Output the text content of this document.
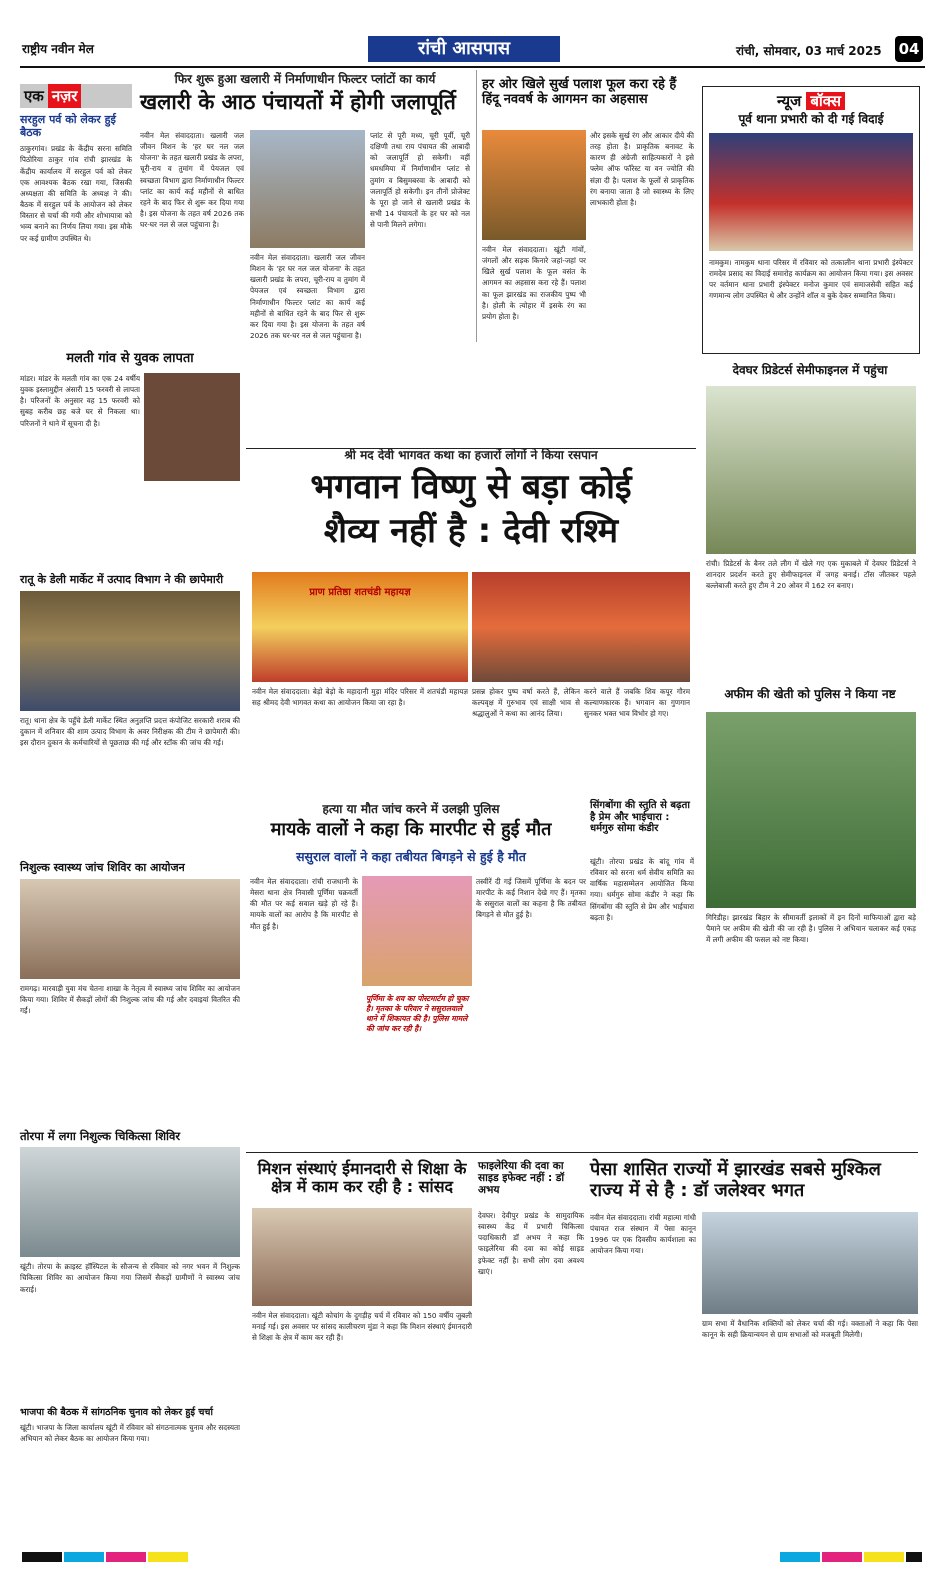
राष्ट्रीय नवीन मेल	रांची आसपास	रांची, सोमवार, 03 मार्च 2025 04
एक नज़र
सरहुल पर्व को लेकर हुई बैठक
ठाकुरगांव। प्रखंड के केंद्रीय सरना समिति पिठोरिया ठाकुर गांव रांची झारखंड के केंद्रीय कार्यालय में सरहुल पर्व को लेकर एक आवश्यक बैठक रखा गया, जिसकी अध्यक्षता की समिति के अध्यक्ष ने की। बैठक में सरहुल पर्व के आयोजन को लेकर विस्तार से चर्चा की गयी और शोभायात्रा को भव्य बनाने का निर्णय लिया गया। इस मौके पर कई ग्रामीण उपस्थित थे।
मलती गांव से युवक लापता
मांडर। मांडर के मलती गांव का एक 24 वर्षीय युवक इस्लामुद्दीन अंसारी 15 फरवरी से लापता है। परिजनों के अनुसार वह 15 फरवरी को सुबह करीब छह बजे घर से निकला था। परिजनों ने थाने में सूचना दी है।
रातू के डेली मार्केट में उत्पाद विभाग ने की छापेमारी
रातू। थाना क्षेत्र के पहुँचे डेली मार्केट स्थित अनुज्ञप्ति प्रदत्त कंपोजिट सरकारी शराब की दुकान में शनिवार की शाम उत्पाद विभाग के अवर निरीक्षक की टीम ने छापेमारी की। इस दौरान दुकान के कर्मचारियों से पूछताछ की गई और स्टॉक की जांच की गई।
निशुल्क स्वास्थ्य जांच शिविर का आयोजन
रामगढ़। मारवाड़ी युवा मंच चेतना शाखा के नेतृत्व में स्वास्थ्य जांच शिविर का आयोजन किया गया। शिविर में सैकड़ों लोगों की निशुल्क जांच की गई और दवाइयां वितरित की गईं।
तोरपा में लगा निशुल्क चिकित्सा शिविर
खूंटी। तोरपा के क्राइस्ट हॉस्पिटल के सौजन्य से रविवार को नगर भवन में निशुल्क चिकित्सा शिविर का आयोजन किया गया जिसमें सैकड़ों ग्रामीणों ने स्वास्थ्य जांच कराई।
भाजपा की बैठक में सांगठनिक चुनाव को लेकर हुई चर्चा
खूंटी। भाजपा के जिला कार्यालय खूंटी में रविवार को संगठनात्मक चुनाव और सदस्यता अभियान को लेकर बैठक का आयोजन किया गया।
फिर शुरू हुआ खलारी में निर्माणाधीन फिल्टर प्लांटों का कार्य
खलारी के आठ पंचायतों में होगी जलापूर्ति
नवीन मेल संवाददाता। खलारी जल जीवन मिशन के 'हर घर नल जल योजना' के तहत खलारी प्रखंड के लपरा, चूरी-राय व तुमांग में पेयजल एवं स्वच्छता विभाग द्वारा निर्माणाधीन फिल्टर प्लांट का कार्य कई महीनों से बाधित रहने के बाद फिर से शुरू कर दिया गया है। इस योजना के तहत वर्ष 2026 तक घर-घर नल से जल पहुंचाना है।
नवीन मेल संवाददाता। खलारी जल जीवन मिशन के 'हर घर नल जल योजना' के तहत खलारी प्रखंड के लपरा, चूरी-राय व तुमांग में पेयजल एवं स्वच्छता विभाग द्वारा निर्माणाधीन फिल्टर प्लांट का कार्य कई महीनों से बाधित रहने के बाद फिर से शुरू कर दिया गया है। इस योजना के तहत वर्ष 2026 तक घर-घर नल से जल पहुंचाना है।
प्लांट से पूरी मध्य, चूरी पूर्वी, चूरी दक्षिणी तथा राय पंचायत की आबादी को जलापूर्ति हो सकेगी। वहीं धमधमिया में निर्माणाधीन प्लांट से तुमांग व बिसुमबरवा के आबादी को जलापूर्ति हो सकेगी। इन तीनों प्रोजेक्ट के पूरा हो जाने से खलारी प्रखंड के सभी 14 पंचायतों के हर घर को नल से पानी मिलने लगेगा।
हर ओर खिले सुर्ख पलाश फूल करा रहे हैं हिंदू नववर्ष के आगमन का अहसास
नवीन मेल संवाददाता। खूंटी गांवों, जंगलों और सड़क किनारे जहां-जहां पर खिले सुर्ख पलाश के फूल वसंत के आगमन का अहसास करा रहे हैं। पलाश का फूल झारखंड का राजकीय पुष्प भी है। होली के त्योहार में इसके रंग का प्रयोग होता है।
और इसके सुर्ख रंग और आकार दीये की तरह होता है। प्राकृतिक बनावट के कारण ही अंग्रेजी साहित्यकारों ने इसे फ्लेम ऑफ फॉरेस्ट या वन ज्योति की संज्ञा दी है। पलाश के फूलों से प्राकृतिक रंग बनाया जाता है जो स्वास्थ्य के लिए लाभकारी होता है।
न्यूज बॉक्स
पूर्व थाना प्रभारी को दी गई विदाई
नामकुम। नामकुम थाना परिसर में रविवार को तत्कालीन थाना प्रभारी इंस्पेक्टर रामदेव प्रसाद का विदाई समारोह कार्यक्रम का आयोजन किया गया। इस अवसर पर वर्तमान थाना प्रभारी इंस्पेक्टर मनोज कुमार एवं समाजसेवी सहित कई गणमान्य लोग उपस्थित थे और उन्होंने शॉल व बुके देकर सम्मानित किया।
श्री मद देवी भागवत कथा का हजारों लोगों ने किया रसपान
भगवान विष्णु से बड़ा कोई
शैव्य नहीं है : देवी रश्मि
प्राण प्रतिष्ठा शतचंडी महायज्ञ
नवीन मेल संवाददाता। बेड़ो बेड़ो के महादानी मुड़ा मंदिर परिसर में शतचंडी महायज्ञ सह श्रीमद देवी भागवत कथा का आयोजन किया जा रहा है।
प्रसन्न होकर पुष्प वर्षा करते हैं, लेकिन कल्पवृक्ष में गुरुभाव एवं साक्षी भाव से श्रद्धालुओं ने कथा का आनंद लिया।
करने वाले हैं जबकि शिव कपूर गौरम कल्याणकारक हैं। भगवान का गुणगान सुनकर भक्त भाव विभोर हो गए।
हत्या या मौत जांच करने में उलझी पुलिस
मायके वालों ने कहा कि मारपीट से हुई मौत
ससुराल वालों ने कहा तबीयत बिगड़ने से हुई है मौत
नवीन मेल संवाददाता। रांची राजधानी के मेसरा थाना क्षेत्र निवासी पूर्णिमा चक्रवर्ती की मौत पर कई सवाल खड़े हो रहे हैं। मायके वालों का आरोप है कि मारपीट से मौत हुई है।
पूर्णिमा के शव का पोस्टमार्टम हो चुका है। मृतका के परिवार ने ससुरालवाले थाने में शिकायत की है। पुलिस मामले की जांच कर रही है।
तस्वीरें दी गई जिसमें पूर्णिमा के बदन पर मारपीट के कई निशान देखे गए हैं। मृतका के ससुराल वालों का कहना है कि तबीयत बिगड़ने से मौत हुई है।
सिंगबोंगा की स्तुति से बढ़ता है प्रेम और भाईचारा : धर्मगुरु सोमा कंडीर
खूंटी। तोरपा प्रखंड के बांदू गांव में रविवार को सरना धर्म सेवीय समिति का वार्षिक महासम्मेलन आयोजित किया गया। धर्मगुरु सोमा कंडीर ने कहा कि सिंगबोंगा की स्तुति से प्रेम और भाईचारा बढ़ता है।
देवघर प्रिडेटर्स सेमीफाइनल में पहुंचा
रांची। प्रिडेटर्स के बैनर तले लीग में खेले गए एक मुकाबले में देवघर प्रिडेटर्स ने शानदार प्रदर्शन करते हुए सेमीफाइनल में जगह बनाई। टॉस जीतकर पहले बल्लेबाजी करते हुए टीम ने 20 ओवर में 162 रन बनाए।
अफीम की खेती को पुलिस ने किया नष्ट
गिरिडीह। झारखंड बिहार के सीमावर्ती इलाकों में इन दिनों माफियाओं द्वारा बड़े पैमाने पर अफीम की खेती की जा रही है। पुलिस ने अभियान चलाकर कई एकड़ में लगी अफीम की फसल को नष्ट किया।
मिशन संस्थाएं ईमानदारी से शिक्षा के क्षेत्र में काम कर रही है : सांसद
नवीन मेल संवाददाता। खूंटी कोचांग के दुगड़ीह चर्च में रविवार को 150 वर्षीय जुबली मनाई गई। इस अवसर पर सांसद कालीचरण मुंडा ने कहा कि मिशन संस्थाएं ईमानदारी से शिक्षा के क्षेत्र में काम कर रही हैं।
फाइलेरिया की दवा का साइड इफेक्ट नहीं : डॉ अभय
देवघर। देवीपुर प्रखंड के सामुदायिक स्वास्थ्य केंद्र में प्रभारी चिकित्सा पदाधिकारी डॉ अभय ने कहा कि फाइलेरिया की दवा का कोई साइड इफेक्ट नहीं है। सभी लोग दवा अवश्य खाएं।
पेसा शासित राज्यों में झारखंड सबसे मुश्किल राज्य में से है : डॉ जलेश्वर भगत
नवीन मेल संवाददाता। रांची महात्मा गांधी पंचायत राज संस्थान में पेसा कानून 1996 पर एक दिवसीय कार्यशाला का आयोजन किया गया।
ग्राम सभा में वैधानिक शक्तियों को लेकर चर्चा की गई। वक्ताओं ने कहा कि पेसा कानून के सही क्रियान्वयन से ग्राम सभाओं को मजबूती मिलेगी।
